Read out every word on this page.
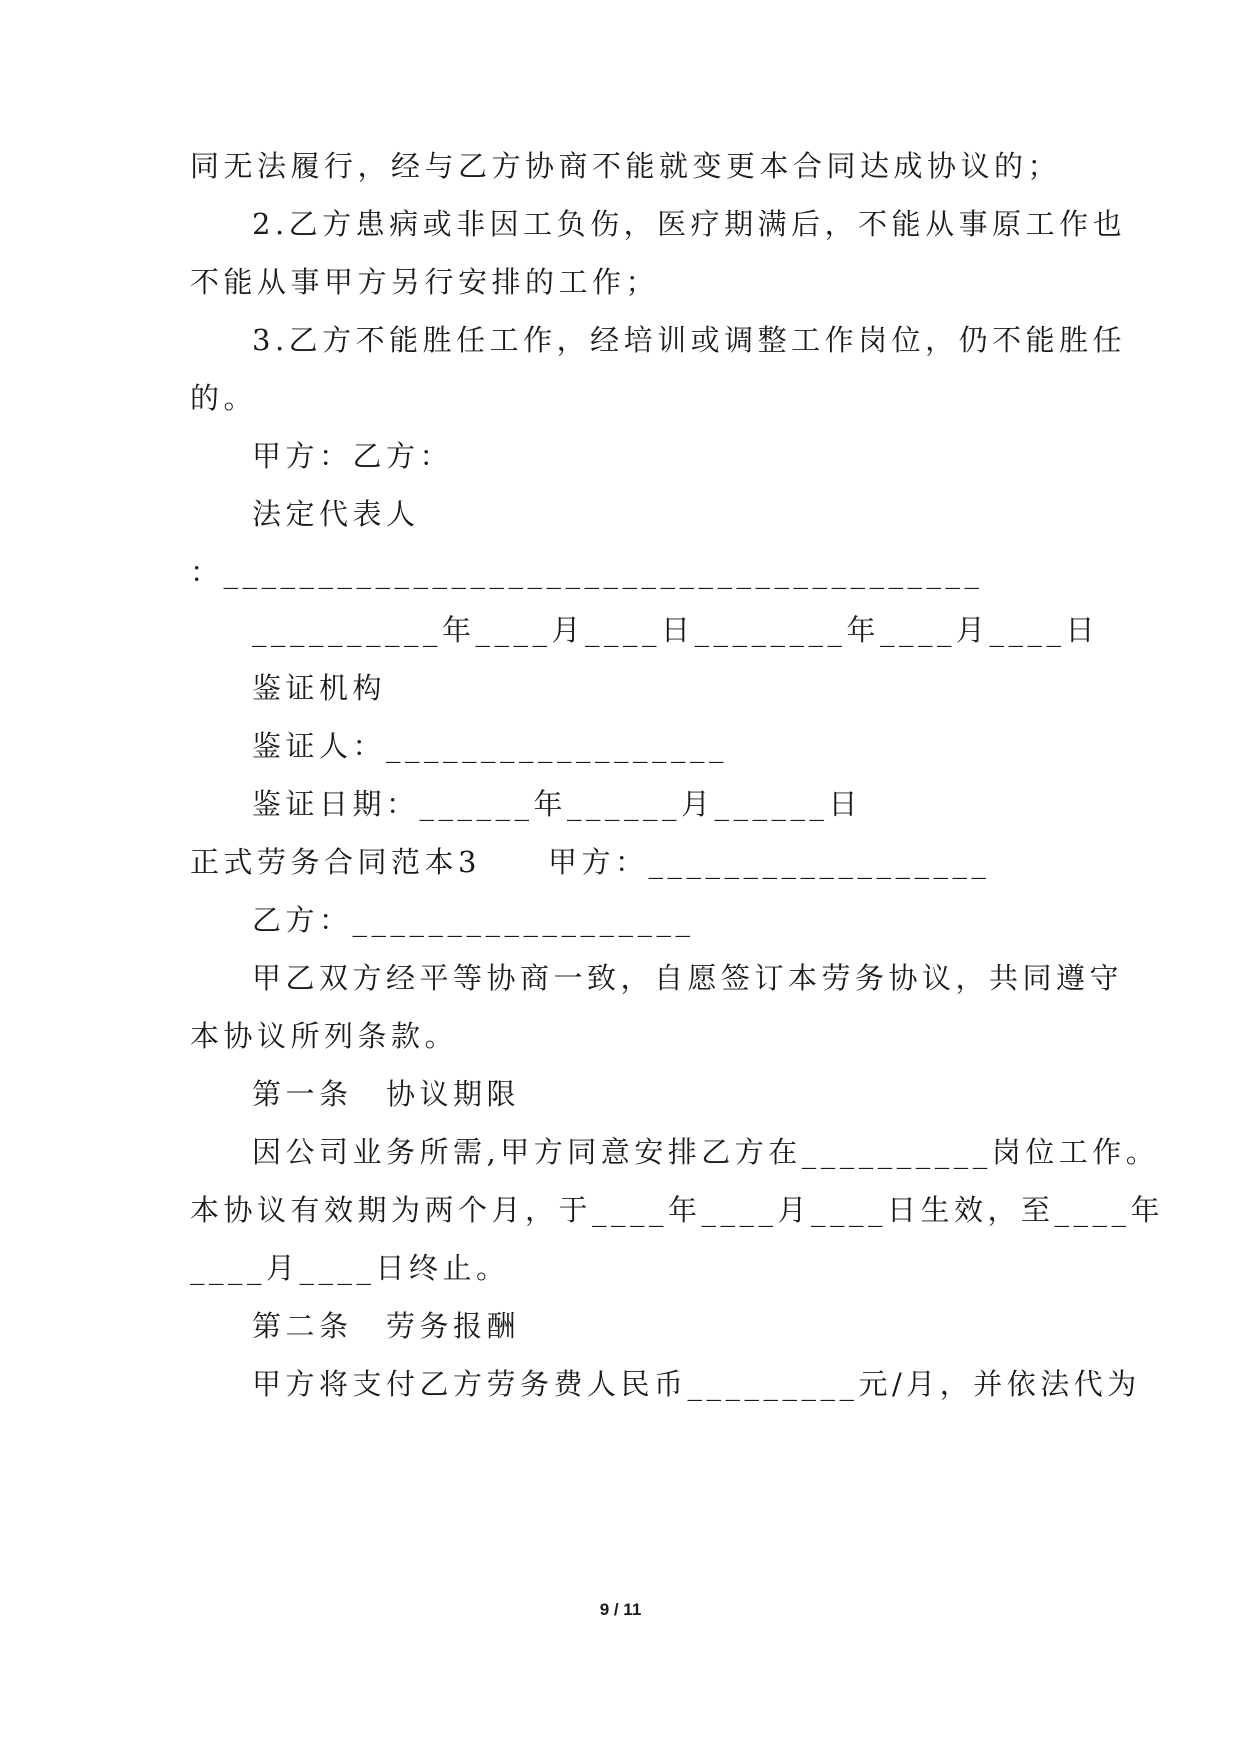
同无法履行，经与乙方协商不能就变更本合同达成协议的；
2.乙方患病或非因工负伤，医疗期满后，不能从事原工作也
不能从事甲方另行安排的工作；
3.乙方不能胜任工作，经培训或调整工作岗位，仍不能胜任
的。
甲方：乙方：
法定代表人
：________________________________________
__________年____月____日________年____月____日
鉴证机构
鉴证人：__________________
鉴证日期：______年______月______日
正式劳务合同范本3　　甲方：__________________
乙方：__________________
甲乙双方经平等协商一致，自愿签订本劳务协议，共同遵守
本协议所列条款。
第一条　协议期限
因公司业务所需,甲方同意安排乙方在__________岗位工作。
本协议有效期为两个月，于____年____月____日生效，至____年
____月____日终止。
第二条　劳务报酬
甲方将支付乙方劳务费人民币_________元/月，并依法代为
9 / 11
